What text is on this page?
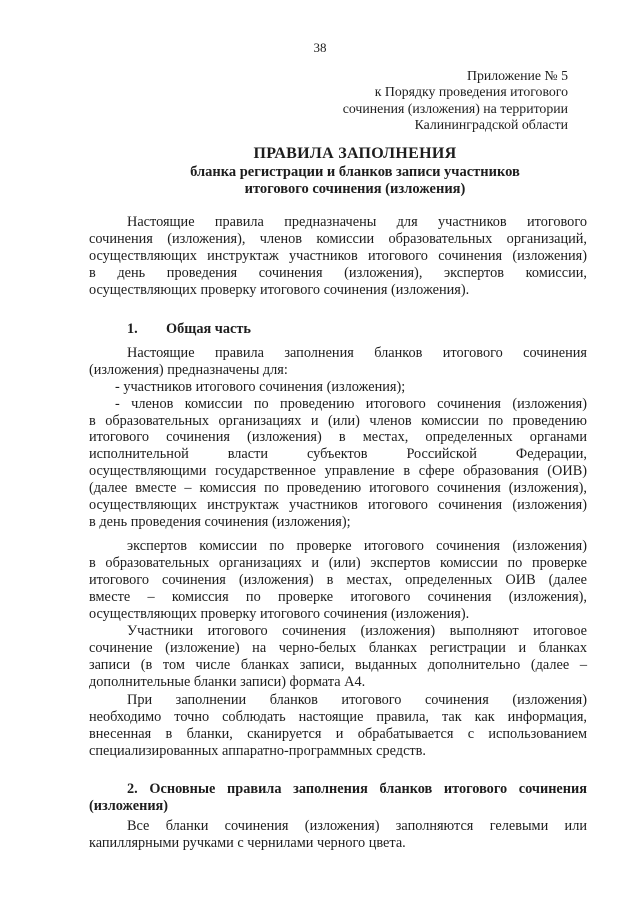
38
Приложение № 5
к Порядку проведения итогового
сочинения (изложения) на территории
Калининградской области
ПРАВИЛА ЗАПОЛНЕНИЯ
бланка регистрации и бланков записи участников
итогового сочинения (изложения)
Настоящие правила предназначены для участников итогового
сочинения (изложения), членов комиссии образовательных организаций,
осуществляющих инструктаж участников итогового сочинения (изложения)
в день проведения сочинения (изложения), экспертов комиссии,
осуществляющих проверку итогового сочинения (изложения).
1. Общая часть
Настоящие правила заполнения бланков итогового сочинения
(изложения) предназначены для:
- участников итогового сочинения (изложения);
- членов комиссии по проведению итогового сочинения (изложения)
в образовательных организациях и (или) членов комиссии по проведению
итогового сочинения (изложения) в местах, определенных органами
исполнительной власти субъектов Российской Федерации,
осуществляющими государственное управление в сфере образования (ОИВ)
(далее вместе – комиссия по проведению итогового сочинения (изложения),
осуществляющих инструктаж участников итогового сочинения (изложения)
в день проведения сочинения (изложения);
экспертов комиссии по проверке итогового сочинения (изложения)
в образовательных организациях и (или) экспертов комиссии по проверке
итогового сочинения (изложения) в местах, определенных ОИВ (далее
вместе – комиссия по проверке итогового сочинения (изложения),
осуществляющих проверку итогового сочинения (изложения).
Участники итогового сочинения (изложения) выполняют итоговое
сочинение (изложение) на черно-белых бланках регистрации и бланках
записи (в том числе бланках записи, выданных дополнительно (далее –
дополнительные бланки записи) формата А4.
При заполнении бланков итогового сочинения (изложения)
необходимо точно соблюдать настоящие правила, так как информация,
внесенная в бланки, сканируется и обрабатывается с использованием
специализированных аппаратно-программных средств.
2. Основные правила заполнения бланков итогового сочинения
(изложения)
Все бланки сочинения (изложения) заполняются гелевыми или
капиллярными ручками с чернилами черного цвета.
